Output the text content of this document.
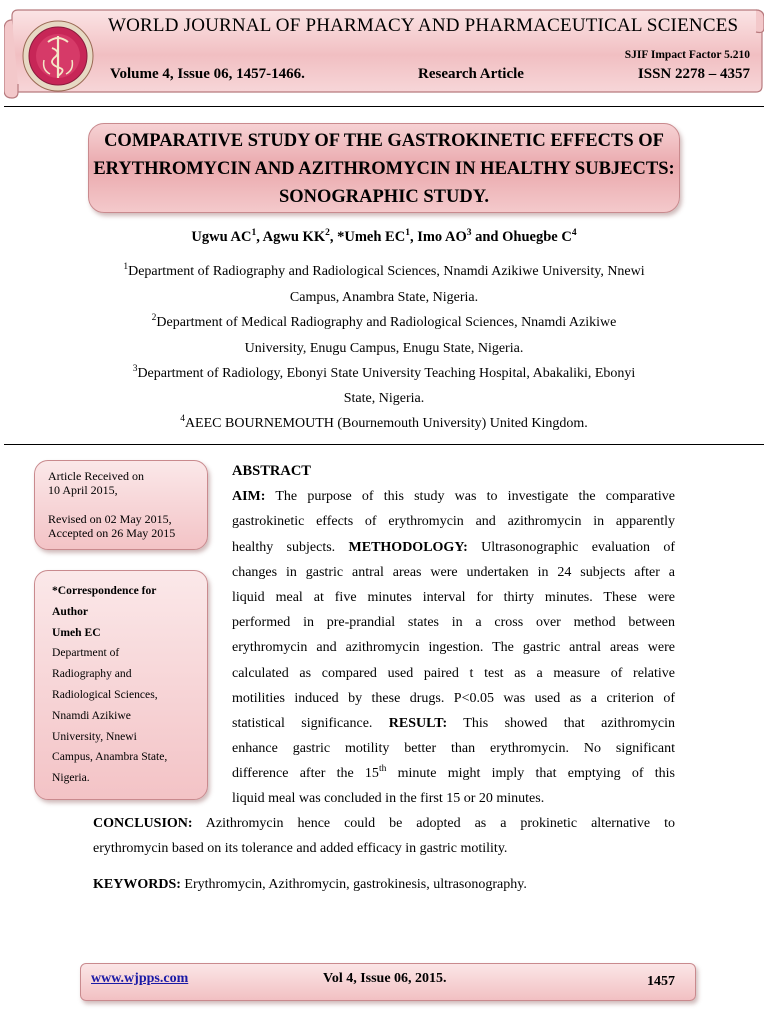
WORLD JOURNAL OF PHARMACY AND PHARMACEUTICAL SCIENCES
SJIF Impact Factor 5.210
Volume 4, Issue 06, 1457-1466.	Research Article	ISSN 2278 – 4357
COMPARATIVE STUDY OF THE GASTROKINETIC EFFECTS OF
ERYTHROMYCIN AND AZITHROMYCIN IN HEALTHY SUBJECTS:
SONOGRAPHIC STUDY.
Ugwu $AC^1$, Agwu $KK^2$, *Umeh $EC^1$, Imo $AO^3$ and Ohuegbe $C^4$
$^1$Department of Radiography and Radiological Sciences, Nnamdi Azikiwe University, Nnewi
Campus, Anambra State, Nigeria.
$^2$Department of Medical Radiography and Radiological Sciences, Nnamdi Azikiwe
University, Enugu Campus, Enugu State, Nigeria.
$^3$Department of Radiology, Ebonyi State University Teaching Hospital, Abakaliki, Ebonyi
State, Nigeria.
$^4$AEEC BOURNEMOUTH (Bournemouth University) United Kingdom.
Article Received on
10 April 2015,
Revised on 02 May 2015,
Accepted on 26 May 2015
*Correspondence for
Author
Umeh EC
Department of
Radiography and
Radiological Sciences,
Nnamdi Azikiwe
University, Nnewi
Campus, Anambra State,
Nigeria.
ABSTRACT
AIM: The purpose of this study was to investigate the comparative
gastrokinetic effects of erythromycin and azithromycin in apparently
healthy subjects. METHODOLOGY: Ultrasonographic evaluation of
changes in gastric antral areas were undertaken in 24 subjects after a
liquid meal at five minutes interval for thirty minutes. These were
performed in pre-prandial states in a cross over method between
erythromycin and azithromycin ingestion. The gastric antral areas were
calculated as compared used paired t test as a measure of relative
motilities induced by these drugs. P<0.05 was used as a criterion of
statistical significance. RESULT: This showed that azithromycin
enhance gastric motility better than erythromycin. No significant
difference after the 15th minute might imply that emptying of this
liquid meal was concluded in the first 15 or 20 minutes.
CONCLUSION: Azithromycin hence could be adopted as a prokinetic alternative to
erythromycin based on its tolerance and added efficacy in gastric motility.
KEYWORDS: Erythromycin, Azithromycin, gastrokinesis, ultrasonography.
www.wjpps.com	Vol 4, Issue 06, 2015.	1457
